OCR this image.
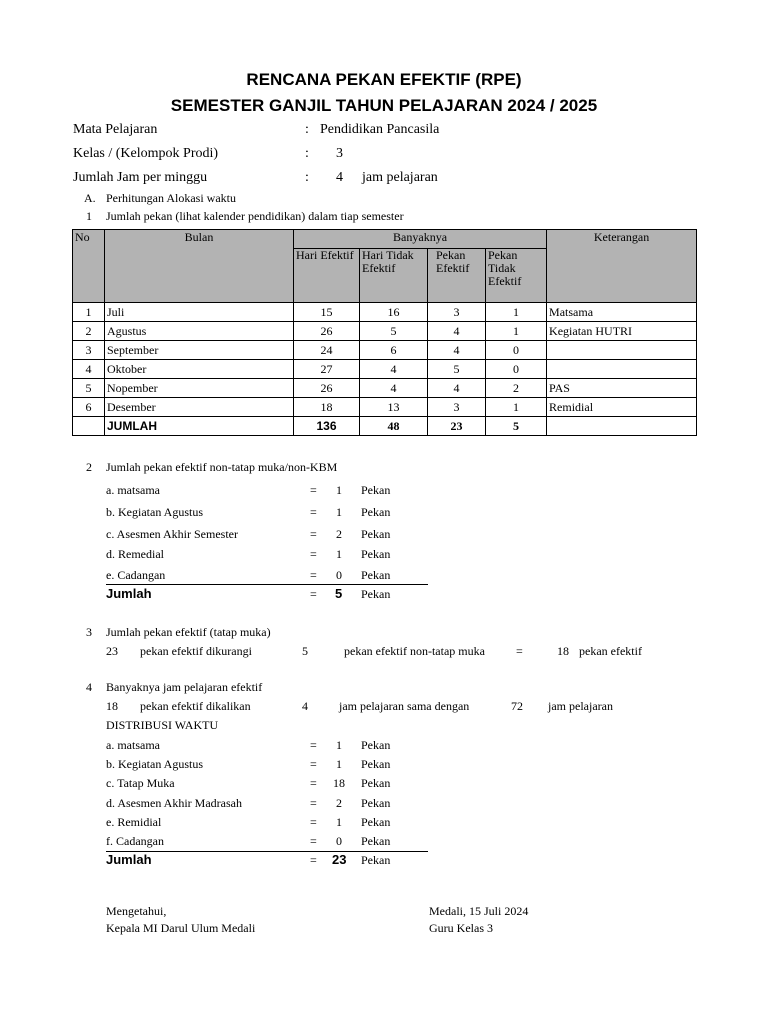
RENCANA PEKAN EFEKTIF (RPE)
SEMESTER GANJIL TAHUN PELAJARAN 2024 / 2025
Mata Pelajaran	: Pendidikan Pancasila
Kelas / (Kelompok Prodi)	: 3
Jumlah Jam per minggu	: 4 jam pelajaran
A. Perhitungan Alokasi waktu
1 Jumlah pekan (lihat kalender pendidikan) dalam tiap semester
No	Bulan	Banyaknya				Keterangan
		Hari Efektif	Hari Tidak Efektif	Pekan Efektif	Pekan Tidak Efektif	
1	Juli	15	16	3	1	Matsama
2	Agustus	26	5	4	1	Kegiatan HUTRI
3	September	24	6	4	0	
4	Oktober	27	4	5	0	
5	Nopember	26	4	4	2	PAS
6	Desember	18	13	3	1	Remidial
	JUMLAH	136	48	23	5	
2 Jumlah pekan efektif non-tatap muka/non-KBM
a. matsama	= 1 Pekan
b. Kegiatan Agustus	= 1 Pekan
c. Asesmen Akhir Semester	= 2 Pekan
d. Remedial	= 1 Pekan
e. Cadangan	= 0 Pekan
Jumlah	= 5 Pekan
3 Jumlah pekan efektif (tatap muka)
23 pekan efektif dikurangi	5	pekan efektif non-tatap muka	=	18 pekan efektif
4 Banyaknya jam pelajaran efektif
18 pekan efektif dikalikan	4	jam pelajaran sama dengan	72 jam pelajaran
DISTRIBUSI WAKTU
a. matsama	= 1 Pekan
b. Kegiatan Agustus	= 1 Pekan
c. Tatap Muka	= 18 Pekan
d. Asesmen Akhir Madrasah	= 2 Pekan
e. Remidial	= 1 Pekan
f. Cadangan	= 0 Pekan
Jumlah	= 23 Pekan
Mengetahui,
Kepala MI Darul Ulum Medali
Medali, 15 Juli 2024
Guru Kelas 3
